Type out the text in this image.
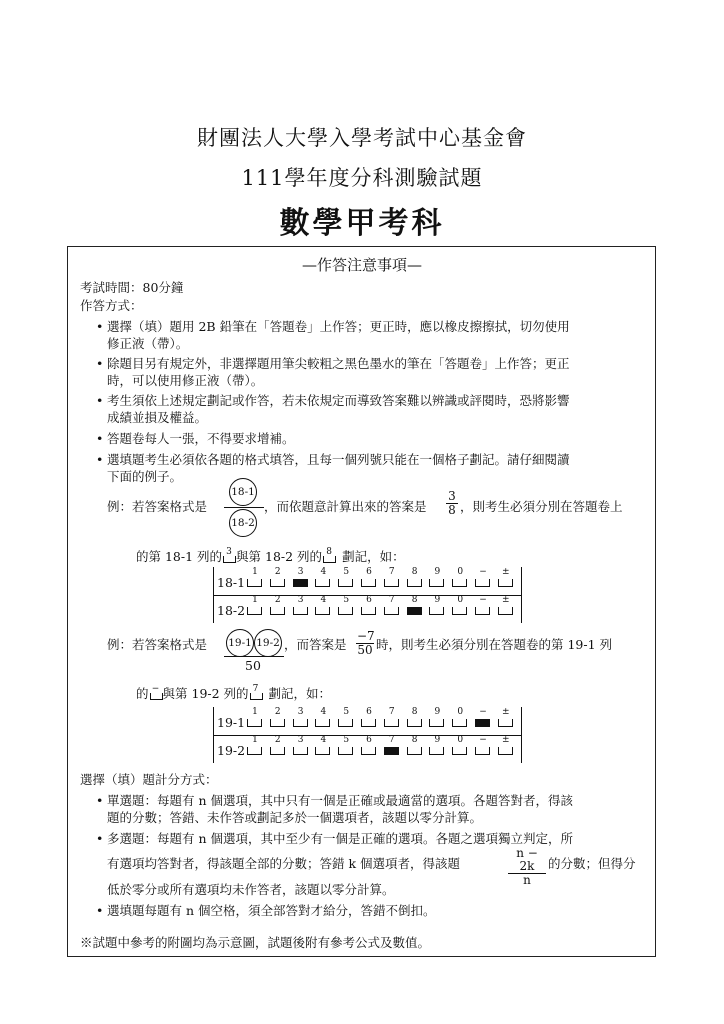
財團法人大學入學考試中心基金會
111學年度分科測驗試題
數學甲考科
—作答注意事項—
考試時間：80分鐘
作答方式：
• 選擇（填）題用 2B 鉛筆在「答題卷」上作答；更正時，應以橡皮擦擦拭，切勿使用
修正液（帶）。
• 除題目另有規定外，非選擇題用筆尖較粗之黑色墨水的筆在「答題卷」上作答；更正
時，可以使用修正液（帶）。
• 考生須依上述規定劃記或作答，若未依規定而導致答案難以辨識或評閱時，恐將影響
成績並損及權益。
• 答題卷每人一張，不得要求增補。
• 選填題考生必須依各題的格式填答，且每一個列號只能在一個格子劃記。請仔細閱讀
下面的例子。
例：若答案格式是
18-1
18-2
，而依題意計算出來的答案是 $\frac{3}{8}$ ，則考生必須分別在答題卷上
的第 18-1 列的 3 與第 18-2 列的 8 劃記，如：
18-1
1	2	3	4	5	6	7	8	9	0	−	±
18-2
1	2	3	4	5	6	7	8	9	0	−	±
例：若答案格式是 19-1 19-2
50
，而答案是 $\frac{-7}{50}$ 時，則考生必須分別在答題卷的第 19-1 列
的 − 與第 19-2 列的 7 劃記，如：
19-1
1	2	3	4	5	6	7	8	9	0	−	±
19-2
1	2	3	4	5	6	7	8	9	0	−	±
選擇（填）題計分方式：
• 單選題：每題有 n 個選項，其中只有一個是正確或最適當的選項。各題答對者，得該
題的分數；答錯、未作答或劃記多於一個選項者，該題以零分計算。
• 多選題：每題有 n 個選項，其中至少有一個是正確的選項。各題之選項獨立判定，所
有選項均答對者，得該題全部的分數；答錯 k 個選項者，得該題	$\frac{n - 2k}{n}$ 的分數；但得分
低於零分或所有選項均未作答者，該題以零分計算。
• 選填題每題有 n 個空格，須全部答對才給分，答錯不倒扣。
※試題中參考的附圖均為示意圖，試題後附有參考公式及數值。
